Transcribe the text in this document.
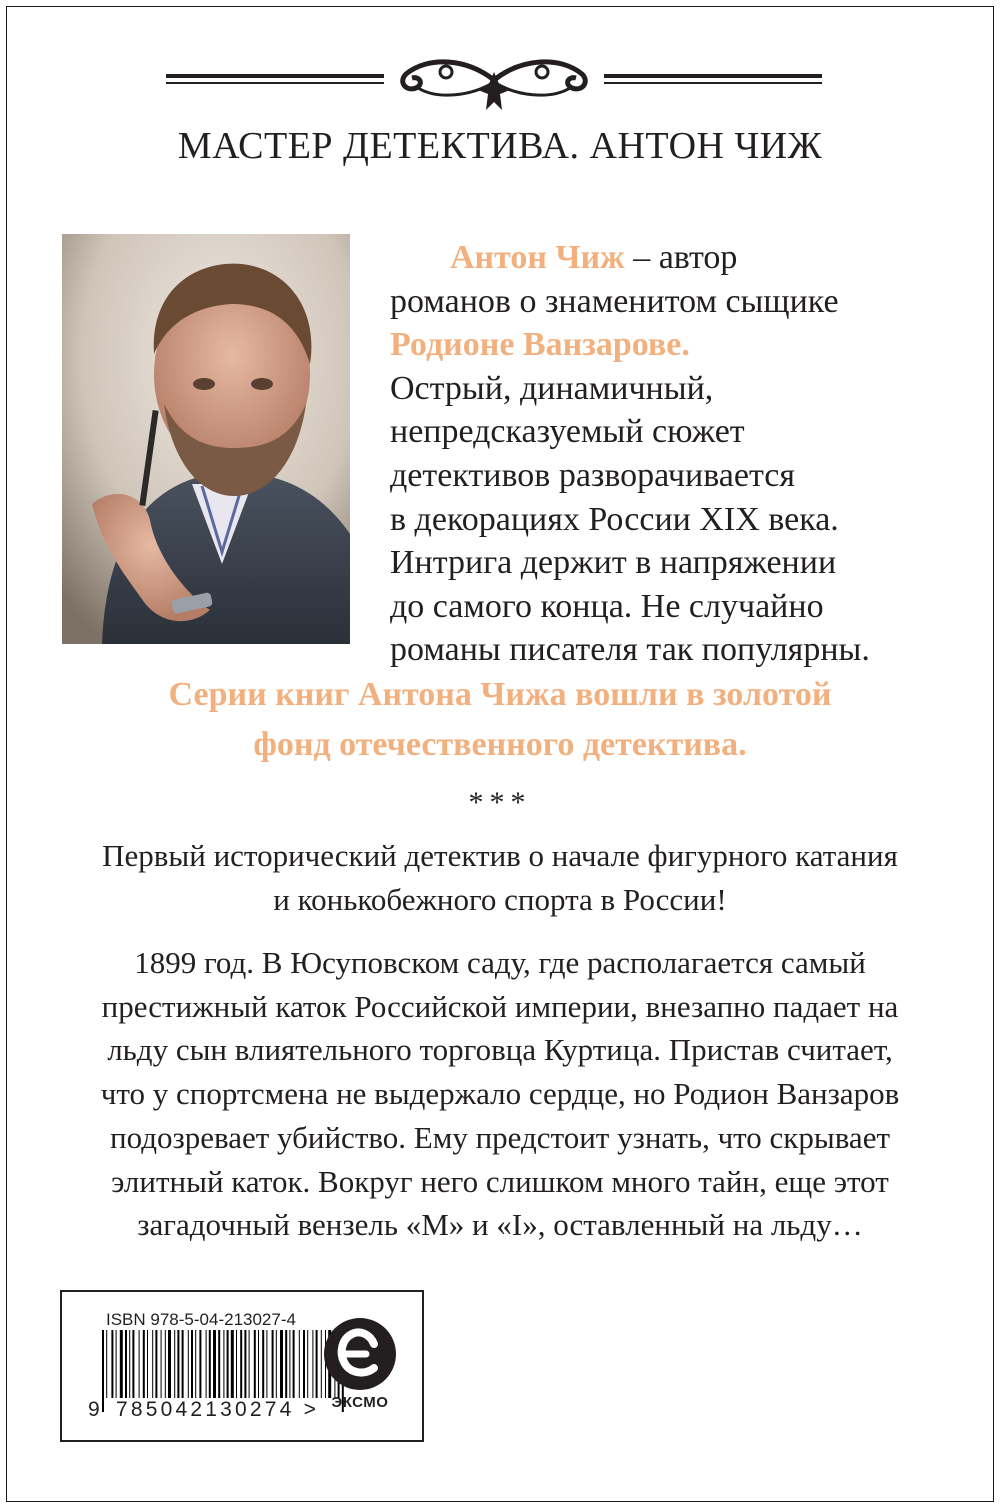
МАСТЕР ДЕТЕКТИВА. АНТОН ЧИЖ
Антон Чиж – автор
романов о знаменитом сыщике
Родионе Ванзарове.
Острый, динамичный,
непредсказуемый сюжет
детективов разворачивается
в декорациях России XIX века.
Интрига держит в напряжении
до самого конца. Не случайно
романы писателя так популярны.
Серии книг Антона Чижа вошли в золотой
фонд отечественного детектива.
***
Первый исторический детектив о начале фигурного катания
и конькобежного спорта в России!
1899 год. В Юсуповском саду, где располагается самый
престижный каток Российской империи, внезапно падает на
льду сын влиятельного торговца Куртица. Пристав считает,
что у спортсмена не выдержало сердце, но Родион Ванзаров
подозревает убийство. Ему предстоит узнать, что скрывает
элитный каток. Вокруг него слишком много тайн, еще этот
загадочный вензель «М» и «I», оставленный на льду…
ISBN 978-5-04-213027-4
9 785042130274 > ЭКСМО
